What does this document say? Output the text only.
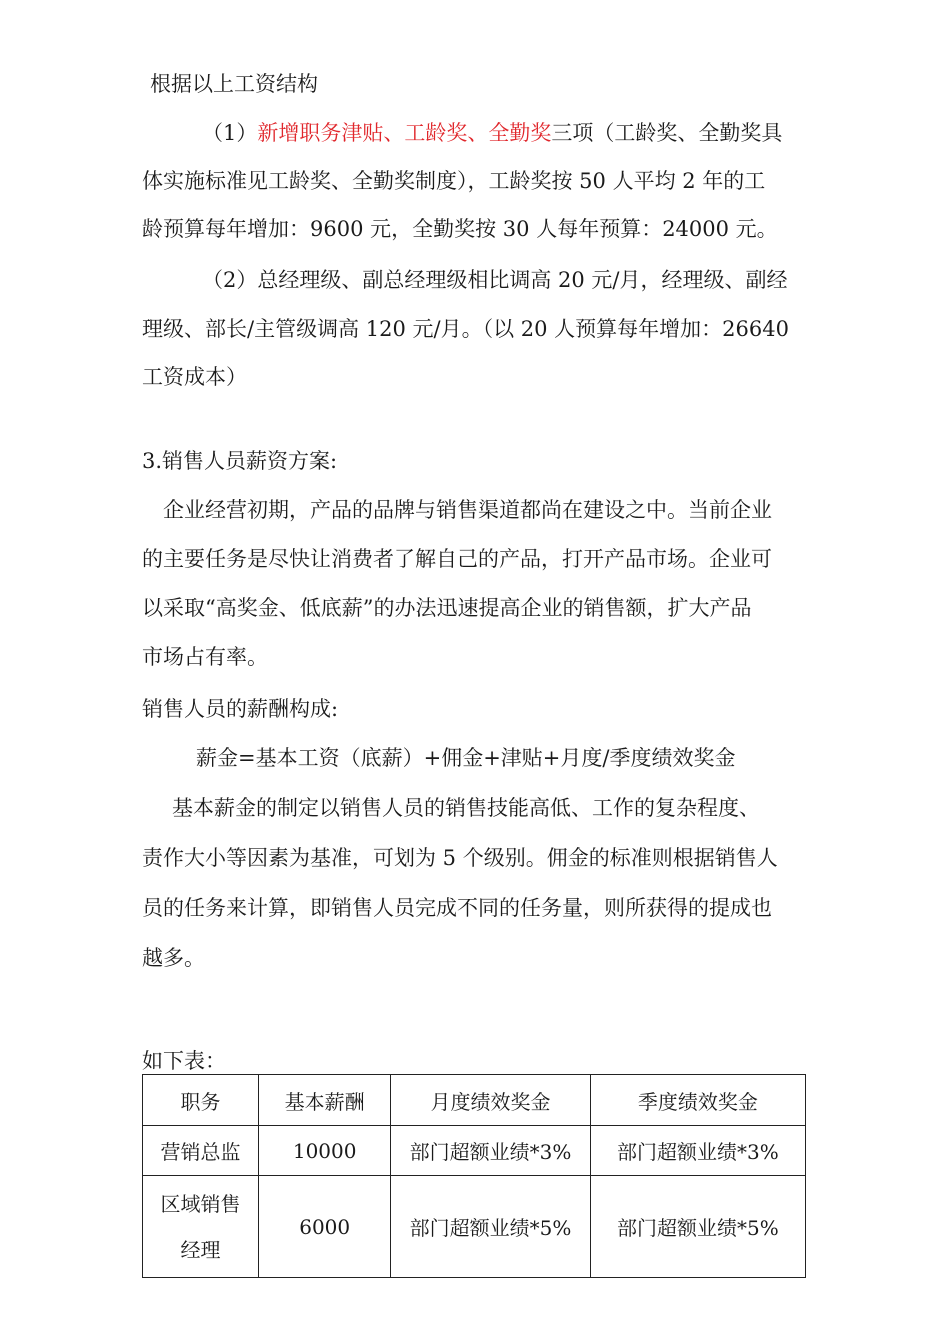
根据以上工资结构
（1）新增职务津贴、工龄奖、全勤奖三项（工龄奖、全勤奖具
体实施标准见工龄奖、全勤奖制度），工龄奖按 50 人平均 2 年的工
龄预算每年增加：9600 元，全勤奖按 30 人每年预算：24000 元。
（2）总经理级、副总经理级相比调高 20 元/月，经理级、副经
理级、部长/主管级调高 120 元/月。（以 20 人预算每年增加：26640
工资成本）
3.销售人员薪资方案:
企业经营初期，产品的品牌与销售渠道都尚在建设之中。当前企业
的主要任务是尽快让消费者了解自己的产品，打开产品市场。企业可
以采取“高奖金、低底薪”的办法迅速提高企业的销售额，扩大产品
市场占有率。
销售人员的薪酬构成:
薪金=基本工资（底薪）+佣金+津贴+月度/季度绩效奖金
基本薪金的制定以销售人员的销售技能高低、工作的复杂程度、
责作大小等因素为基准，可划为 5 个级别。佣金的标准则根据销售人
员的任务来计算，即销售人员完成不同的任务量，则所获得的提成也
越多。
如下表：
职务	基本薪酬	月度绩效奖金	季度绩效奖金
营销总监	10000	部门超额业绩*3%	部门超额业绩*3%

区域销售
经理	6000	部门超额业绩*5%	部门超额业绩*5%
